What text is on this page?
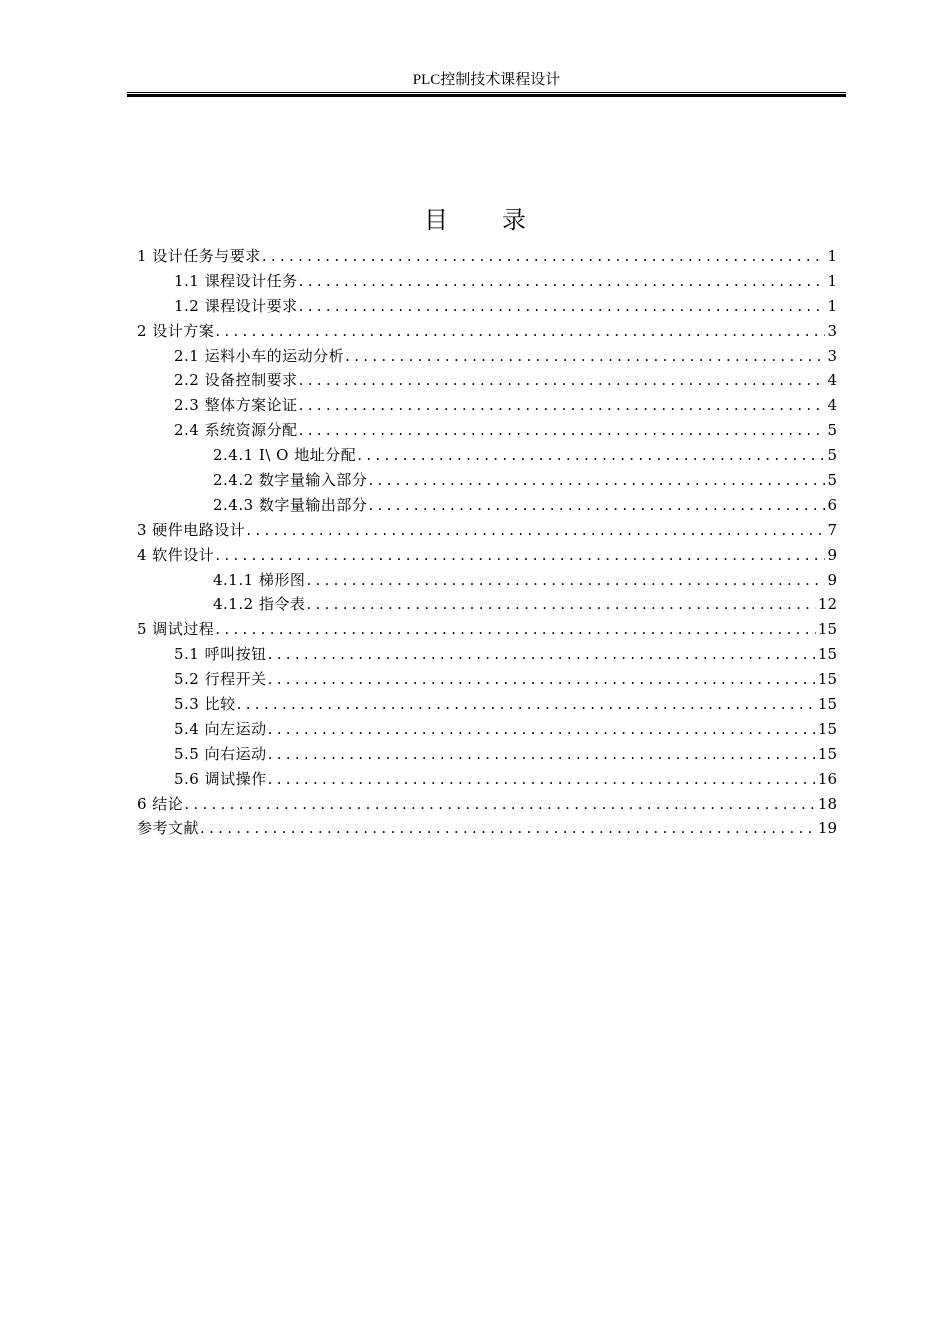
PLC控制技术课程设计
目 录
1 设计任务与要求 .....	1
1.1 课程设计任务 .....	1
1.2 课程设计要求 .....	1
2 设计方案 .....	3
2.1 运料小车的运动分析 .....	3
2.2 设备控制要求 .....	4
2.3 整体方案论证 .....	4
2.4 系统资源分配 .....	5
2.4.1 I\ O 地址分配 .....	5
2.4.2 数字量输入部分 .....	5
2.4.3 数字量输出部分 .....	6
3 硬件电路设计 .....	7
4 软件设计 .....	9
4.1.1 梯形图 .....	9
4.1.2 指令表 .....	12
5 调试过程 .....	15
5.1 呼叫按钮 .....	15
5.2 行程开关 .....	15
5.3 比较 .....	15
5.4 向左运动 .....	15
5.5 向右运动 .....	15
5.6 调试操作 .....	16
6 结论 .....	18
参考文献 .....	19
